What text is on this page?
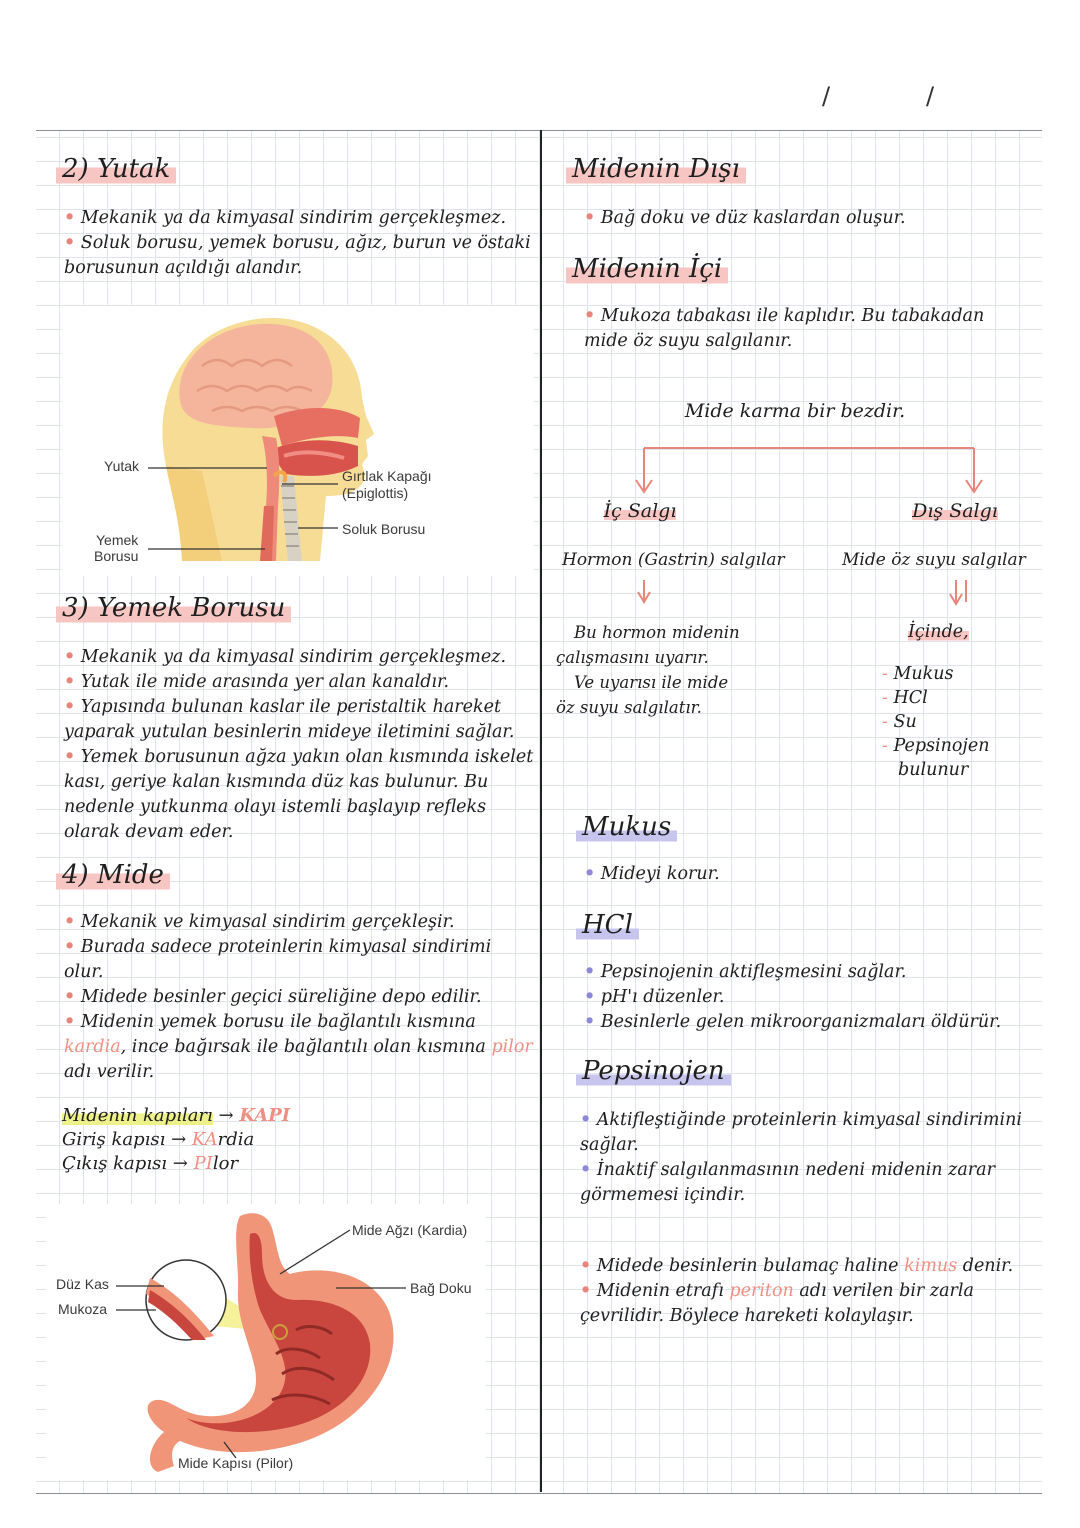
/	/
2) Yutak

• Mekanik ya da kimyasal sindirim gerçekleşmez.

• Soluk borusu, yemek borusu, ağız, burun ve östaki borusunun açıldığı alandır.

Yutak
Gırtlak Kapağı
(Epiglottis)
Soluk Borusu
Yemek
Borusu
3) Yemek Borusu

• Mekanik ya da kimyasal sindirim gerçekleşmez.

• Yutak ile mide arasında yer alan kanaldır.

• Yapısında bulunan kaslar ile peristaltik hareket yaparak yutulan besinlerin mideye iletimini sağlar.

• Yemek borusunun ağza yakın olan kısmında iskelet kası, geriye kalan kısmında düz kas bulunur. Bu nedenle yutkunma olayı istemli başlayıp refleks olarak devam eder.

4) Mide

• Mekanik ve kimyasal sindirim gerçekleşir.

• Burada sadece proteinlerin kimyasal sindirimi olur.

• Midede besinler geçici süreliğine depo edilir.

• Midenin yemek borusu ile bağlantılı kısmına kardia, ince bağırsak ile bağlantılı olan kısmına pilor adı verilir.

Midenin kapıları → KAPI

Giriş kapısı → KArdia

Çıkış kapısı → PIlor

Mide Ağzı (Kardia)
Bağ Doku
Düz Kas
Mukoza
Mide Kapısı (Pilor)
Midenin Dışı

• Bağ doku ve düz kaslardan oluşur.

Midenin İçi

• Mukoza tabakası ile kaplıdır. Bu tabakadan mide öz suyu salgılanır.

Mide karma bir bezdir.
İç Salgı	Dış Salgı
Hormon (Gastrin) salgılar	Mide öz suyu salgılar

Bu hormon midenin

çalışmasını uyarır.

Ve uyarısı ile mide

öz suyu salgılatır.

İçinde,

- Mukus

- HCl

- Su

- Pepsinojen

bulunur

Mukus

• Mideyi korur.

HCl

• Pepsinojenin aktifleşmesini sağlar.

• pH'ı düzenler.

• Besinlerle gelen mikroorganizmaları öldürür.

Pepsinojen

• Aktifleştiğinde proteinlerin kimyasal sindirimini sağlar.

• İnaktif salgılanmasının nedeni midenin zarar görmemesi içindir.

• Midede besinlerin bulamaç haline kimus denir.

• Midenin etrafı periton adı verilen bir zarla çevrilidir. Böylece hareketi kolaylaşır.
